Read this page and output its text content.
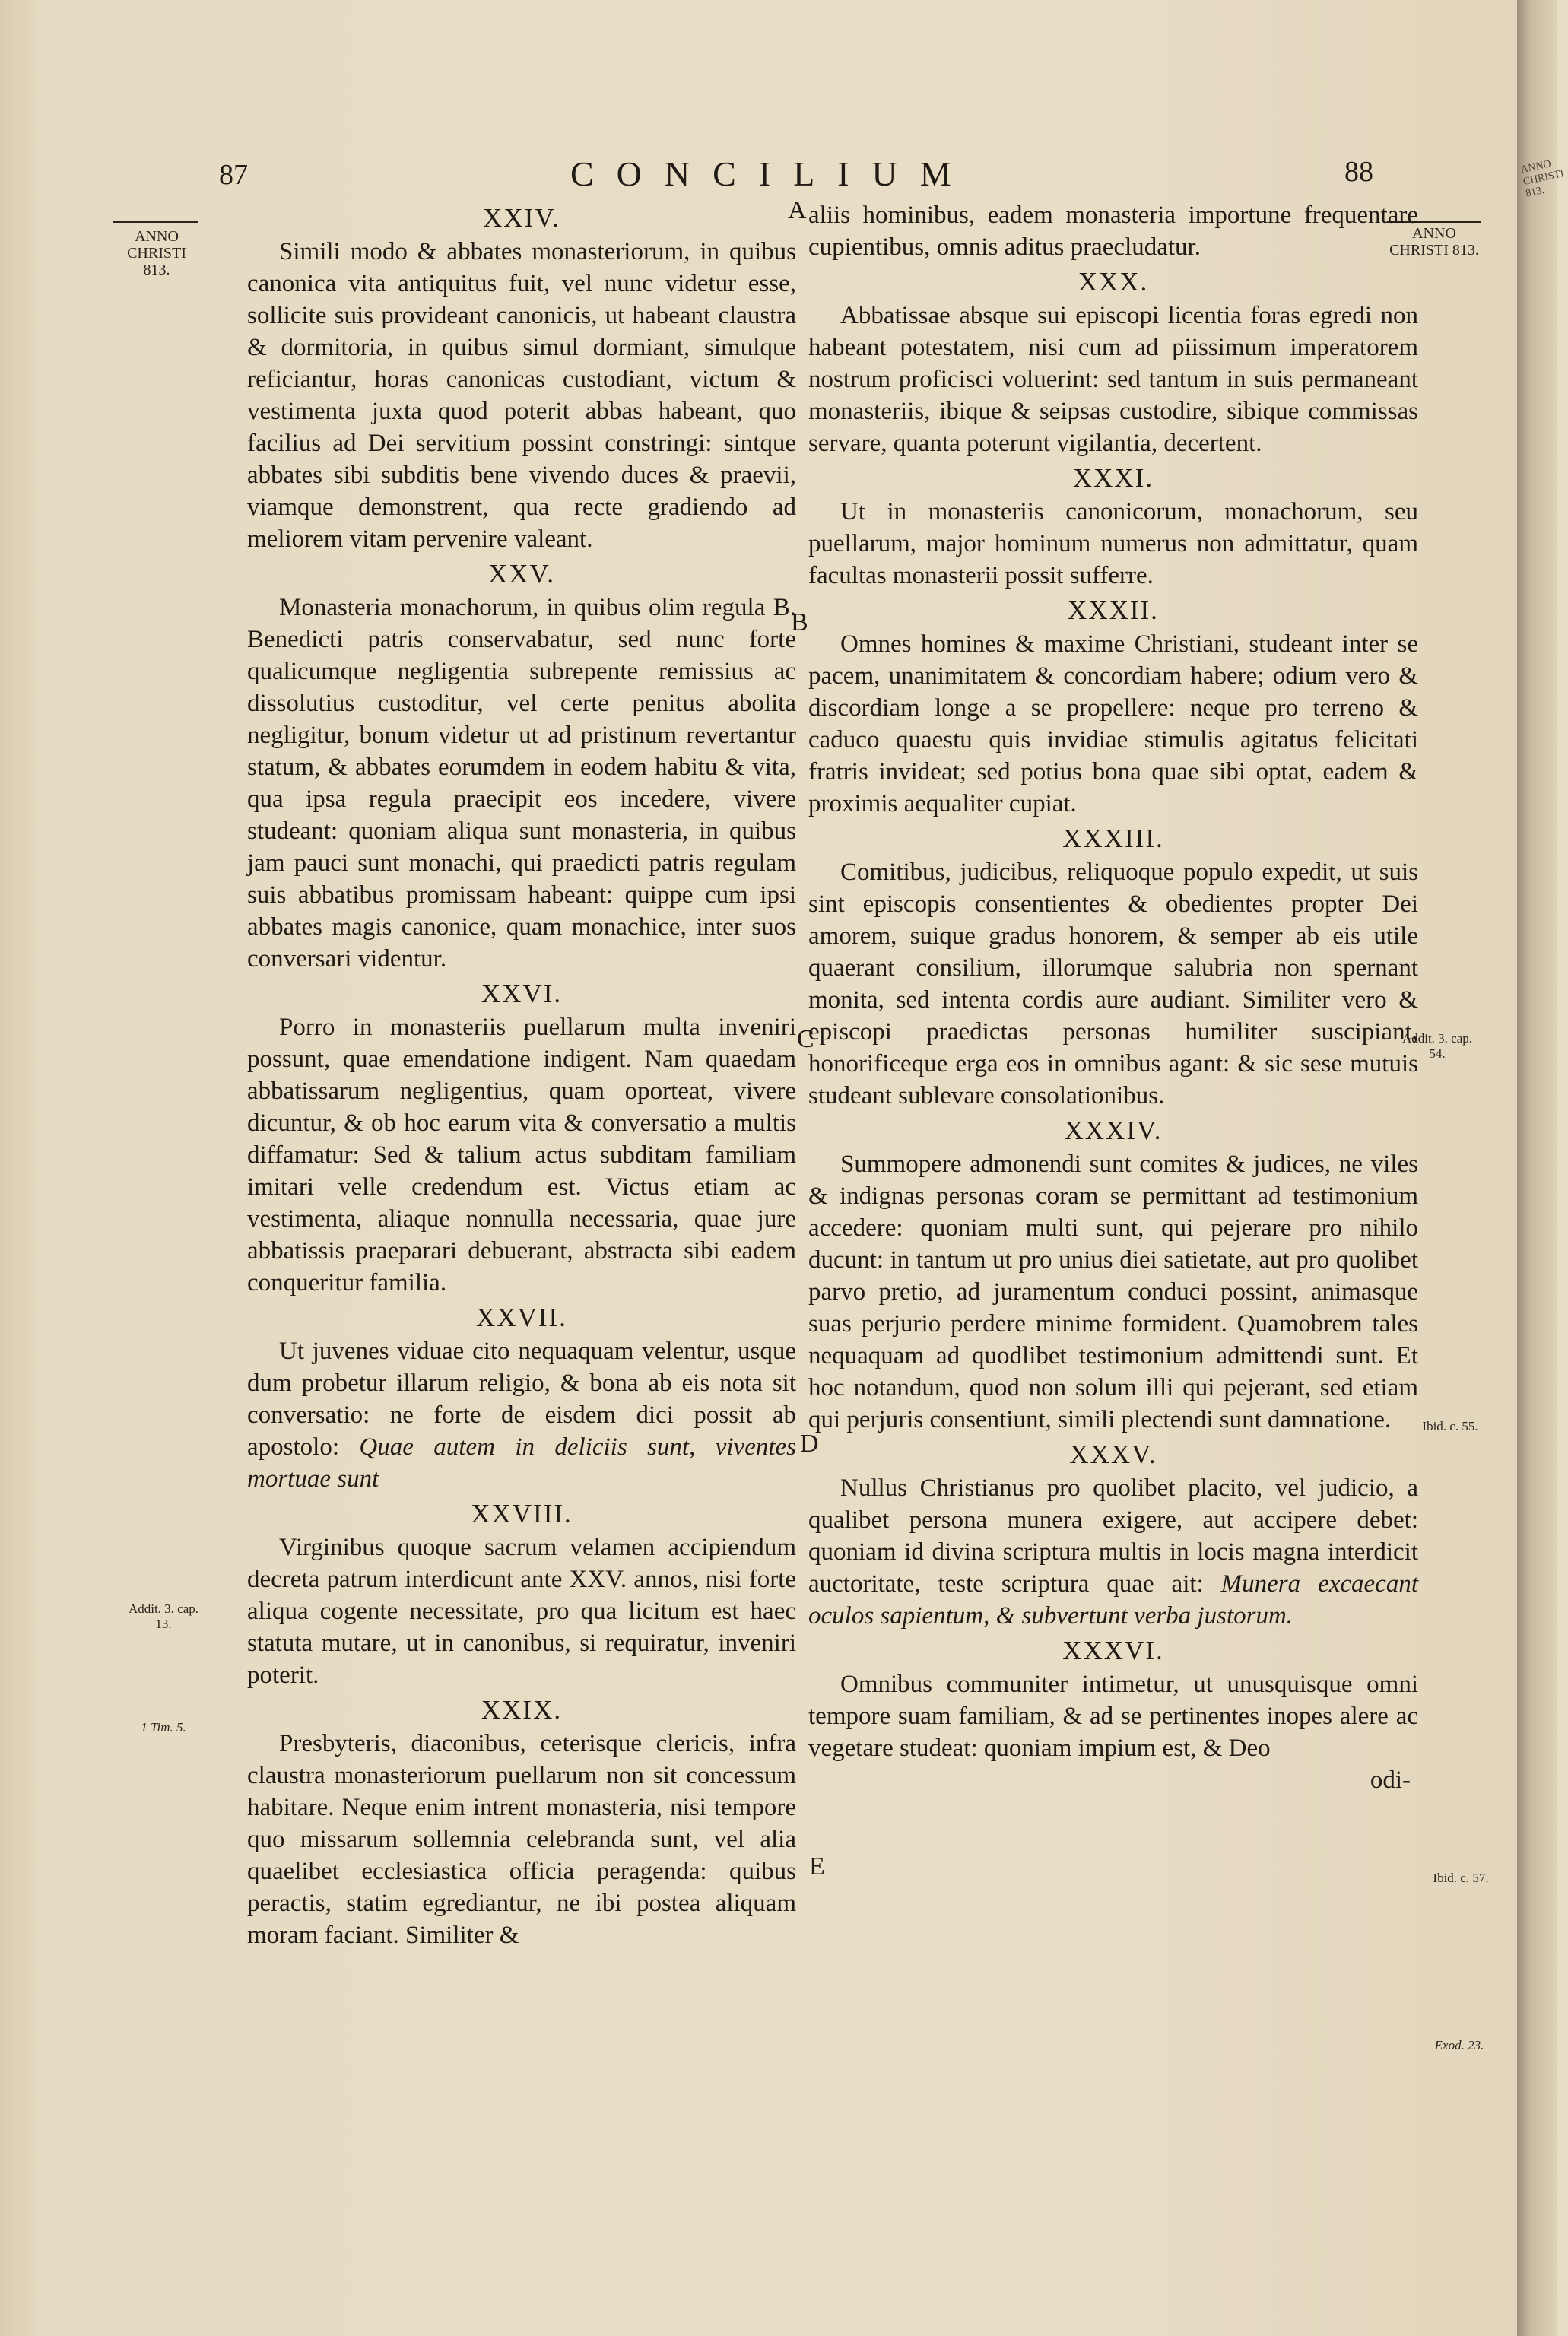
87	CONCILIUM	88
ANNO CHRISTI 813.
ANNO CHRISTI 813.
Addit. 3. cap. 13.
1 Tim. 5.
Addit. 3. cap. 54.
Ibid. c. 55.
Ibid. c. 57.
Exod. 23.
A
B
C
D
E
XXIV.

Simili modo & abbates monasteriorum, in quibus canonica vita antiquitus fuit, vel nunc videtur esse, sollicite suis provideant canonicis, ut habeant claustra & dormitoria, in quibus simul dormiant, simulque reficiantur, horas canonicas custodiant, victum & vestimenta juxta quod poterit abbas habeant, quo facilius ad Dei servitium possint constringi: sintque abbates sibi subditis bene vivendo duces & praevii, viamque demonstrent, qua recte gradiendo ad meliorem vitam pervenire valeant.

XXV.

Monasteria monachorum, in quibus olim regula B. Benedicti patris conservabatur, sed nunc forte qualicumque negligentia subrepente remissius ac dissolutius custoditur, vel certe penitus abolita negligitur, bonum videtur ut ad pristinum revertantur statum, & abbates eorumdem in eodem habitu & vita, qua ipsa regula praecipit eos incedere, vivere studeant: quoniam aliqua sunt monasteria, in quibus jam pauci sunt monachi, qui praedicti patris regulam suis abbatibus promissam habeant: quippe cum ipsi abbates magis canonice, quam monachice, inter suos conversari videntur.

XXVI.

Porro in monasteriis puellarum multa inveniri possunt, quae emendatione indigent. Nam quaedam abbatissarum negligentius, quam oporteat, vivere dicuntur, & ob hoc earum vita & conversatio a multis diffamatur: Sed & talium actus subditam familiam imitari velle credendum est. Victus etiam ac vestimenta, aliaque nonnulla necessaria, quae jure abbatissis praeparari debuerant, abstracta sibi eadem conqueritur familia.

XXVII.

Ut juvenes viduae cito nequaquam velentur, usque dum probetur illarum religio, & bona ab eis nota sit conversatio: ne forte de eisdem dici possit ab apostolo: Quae autem in deliciis sunt, viventes mortuae sunt

XXVIII.

Virginibus quoque sacrum velamen accipiendum decreta patrum interdicunt ante XXV. annos, nisi forte aliqua cogente necessitate, pro qua licitum est haec statuta mutare, ut in canonibus, si requiratur, inveniri poterit.

XXIX.

Presbyteris, diaconibus, ceterisque clericis, infra claustra monasteriorum puellarum non sit concessum habitare. Neque enim intrent monasteria, nisi tempore quo missarum sollemnia celebranda sunt, vel alia quaelibet ecclesiastica officia peragenda: quibus peractis, statim egrediantur, ne ibi postea aliquam moram faciant. Similiter &

aliis hominibus, eadem monasteria importune frequentare cupientibus, omnis aditus praecludatur.

XXX.

Abbatissae absque sui episcopi licentia foras egredi non habeant potestatem, nisi cum ad piissimum imperatorem nostrum proficisci voluerint: sed tantum in suis permaneant monasteriis, ibique & seipsas custodire, sibique commissas servare, quanta poterunt vigilantia, decertent.

XXXI.

Ut in monasteriis canonicorum, monachorum, seu puellarum, major hominum numerus non admittatur, quam facultas monasterii possit sufferre.

XXXII.

Omnes homines & maxime Christiani, studeant inter se pacem, unanimitatem & concordiam habere; odium vero & discordiam longe a se propellere: neque pro terreno & caduco quaestu quis invidiae stimulis agitatus felicitati fratris invideat; sed potius bona quae sibi optat, eadem & proximis aequaliter cupiat.

XXXIII.

Comitibus, judicibus, reliquoque populo expedit, ut suis sint episcopis consentientes & obedientes propter Dei amorem, suique gradus honorem, & semper ab eis utile quaerant consilium, illorumque salubria non spernant monita, sed intenta cordis aure audiant. Similiter vero & episcopi praedictas personas humiliter suscipiant, honorificeque erga eos in omnibus agant: & sic sese mutuis studeant sublevare consolationibus.

XXXIV.

Summopere admonendi sunt comites & judices, ne viles & indignas personas coram se permittant ad testimonium accedere: quoniam multi sunt, qui pejerare pro nihilo ducunt: in tantum ut pro unius diei satietate, aut pro quolibet parvo pretio, ad juramentum conduci possint, animasque suas perjurio perdere minime formident. Quamobrem tales nequaquam ad quodlibet testimonium admittendi sunt. Et hoc notandum, quod non solum illi qui pejerant, sed etiam qui perjuris consentiunt, simili plectendi sunt damnatione.

XXXV.

Nullus Christianus pro quolibet placito, vel judicio, a qualibet persona munera exigere, aut accipere debet: quoniam id divina scriptura multis in locis magna interdicit auctoritate, teste scriptura quae ait: Munera excaecant oculos sapientum, & subvertunt verba justorum.

XXXVI.

Omnibus communiter intimetur, ut unusquisque omni tempore suam familiam, & ad se pertinentes inopes alere ac vegetare studeat: quoniam impium est, & Deo

odi-
ANNO CHRISTI 813.
